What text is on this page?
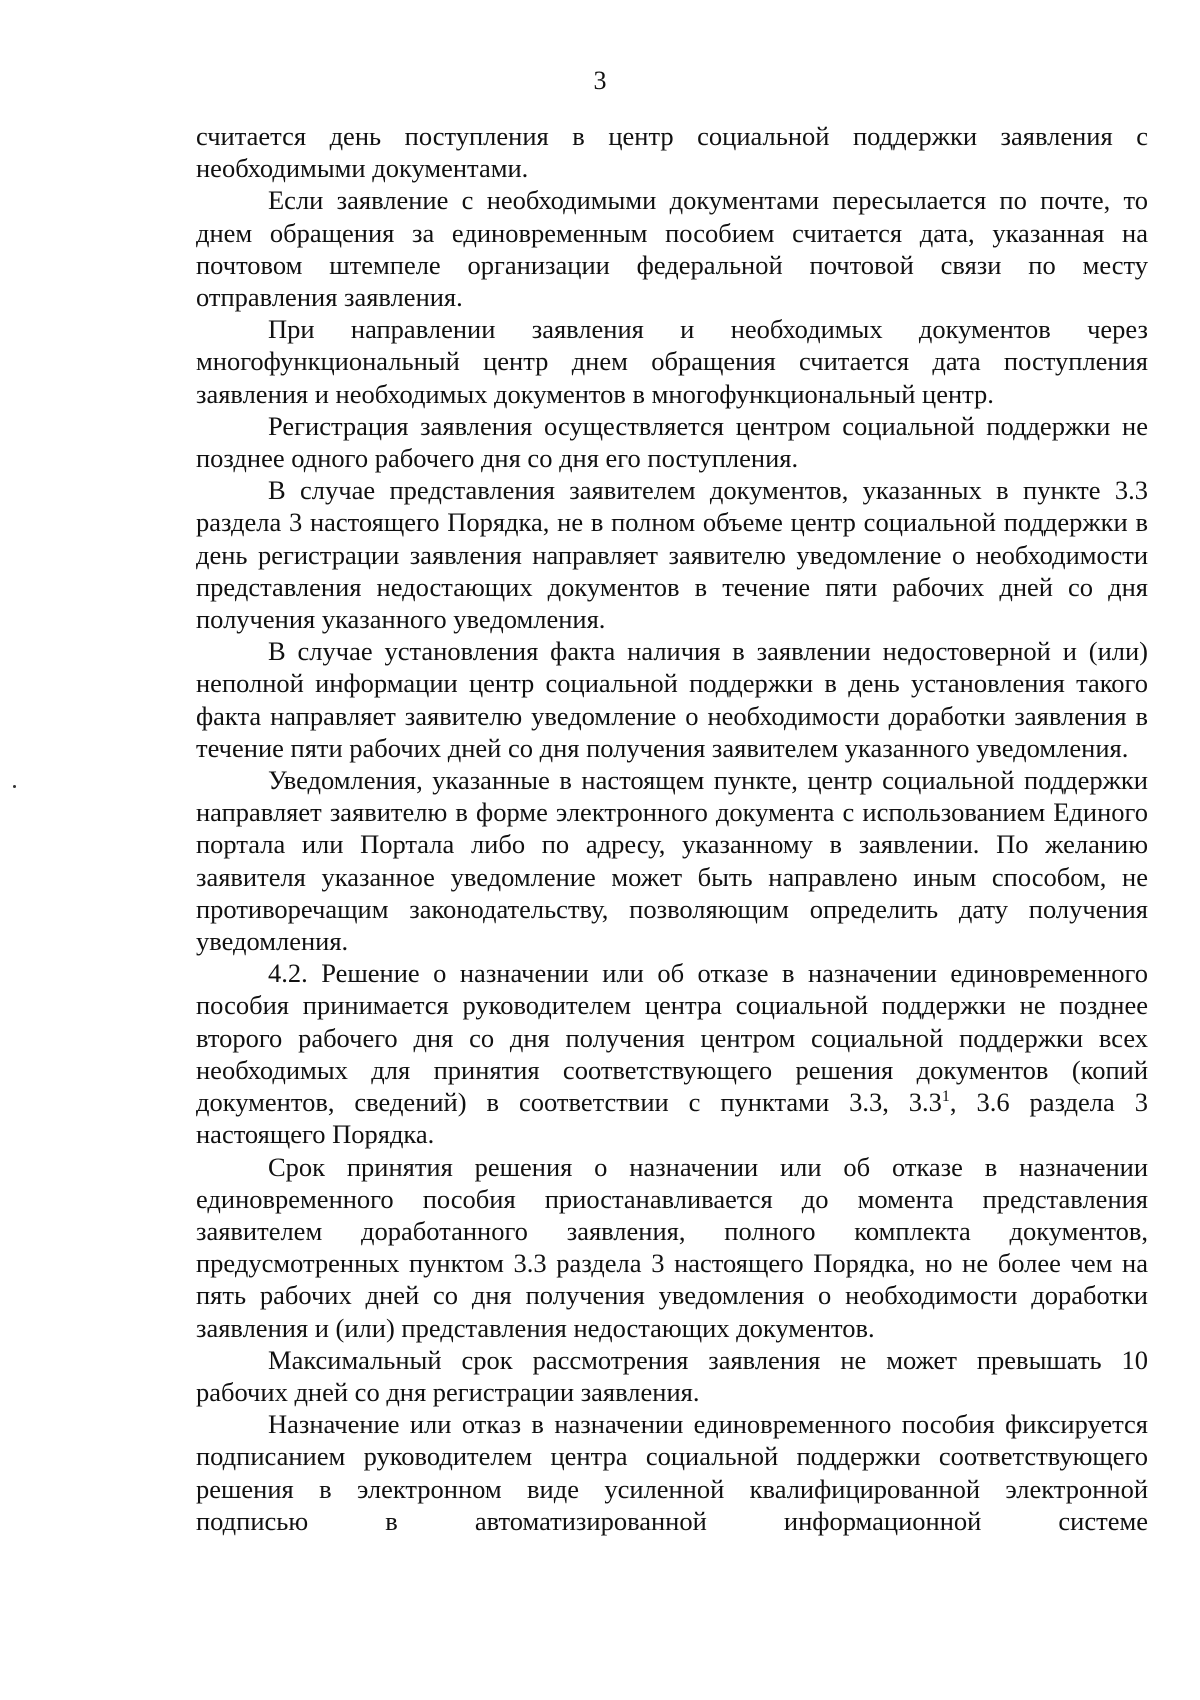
3

считается день поступления в центр социальной поддержки заявления с необходимыми документами.

Если заявление с необходимыми документами пересылается по почте, то днем обращения за единовременным пособием считается дата, указанная на почтовом штемпеле организации федеральной почтовой связи по месту отправления заявления.

При направлении заявления и необходимых документов через многофункциональный центр днем обращения считается дата поступления заявления и необходимых документов в многофункциональный центр.

Регистрация заявления осуществляется центром социальной поддержки не позднее одного рабочего дня со дня его поступления.

В случае представления заявителем документов, указанных в пункте 3.3 раздела 3 настоящего Порядка, не в полном объеме центр социальной поддержки в день регистрации заявления направляет заявителю уведомление о необходимости представления недостающих документов в течение пяти рабочих дней со дня получения указанного уведомления.

В случае установления факта наличия в заявлении недостоверной и (или) неполной информации центр социальной поддержки в день установления такого факта направляет заявителю уведомление о необходимости доработки заявления в течение пяти рабочих дней со дня получения заявителем указанного уведомления.

Уведомления, указанные в настоящем пункте, центр социальной поддержки направляет заявителю в форме электронного документа с использованием Единого портала или Портала либо по адресу, указанному в заявлении. По желанию заявителя указанное уведомление может быть направлено иным способом, не противоречащим законодательству, позволяющим определить дату получения уведомления.

4.2. Решение о назначении или об отказе в назначении единовременного пособия принимается руководителем центра социальной поддержки не позднее второго рабочего дня со дня получения центром социальной поддержки всех необходимых для принятия соответствующего решения документов (копий документов, сведений) в соответствии с пунктами 3.3, $3.3^1$, 3.6 раздела 3 настоящего Порядка.

Срок принятия решения о назначении или об отказе в назначении единовременного пособия приостанавливается до момента представления заявителем доработанного заявления, полного комплекта документов, предусмотренных пунктом 3.3 раздела 3 настоящего Порядка, но не более чем на пять рабочих дней со дня получения уведомления о необходимости доработки заявления и (или) представления недостающих документов.

Максимальный срок рассмотрения заявления не может превышать 10 рабочих дней со дня регистрации заявления.

Назначение или отказ в назначении единовременного пособия фиксируется подписанием руководителем центра социальной поддержки соответствующего решения в электронном виде усиленной квалифицированной электронной подписью в автоматизированной информационной системе
